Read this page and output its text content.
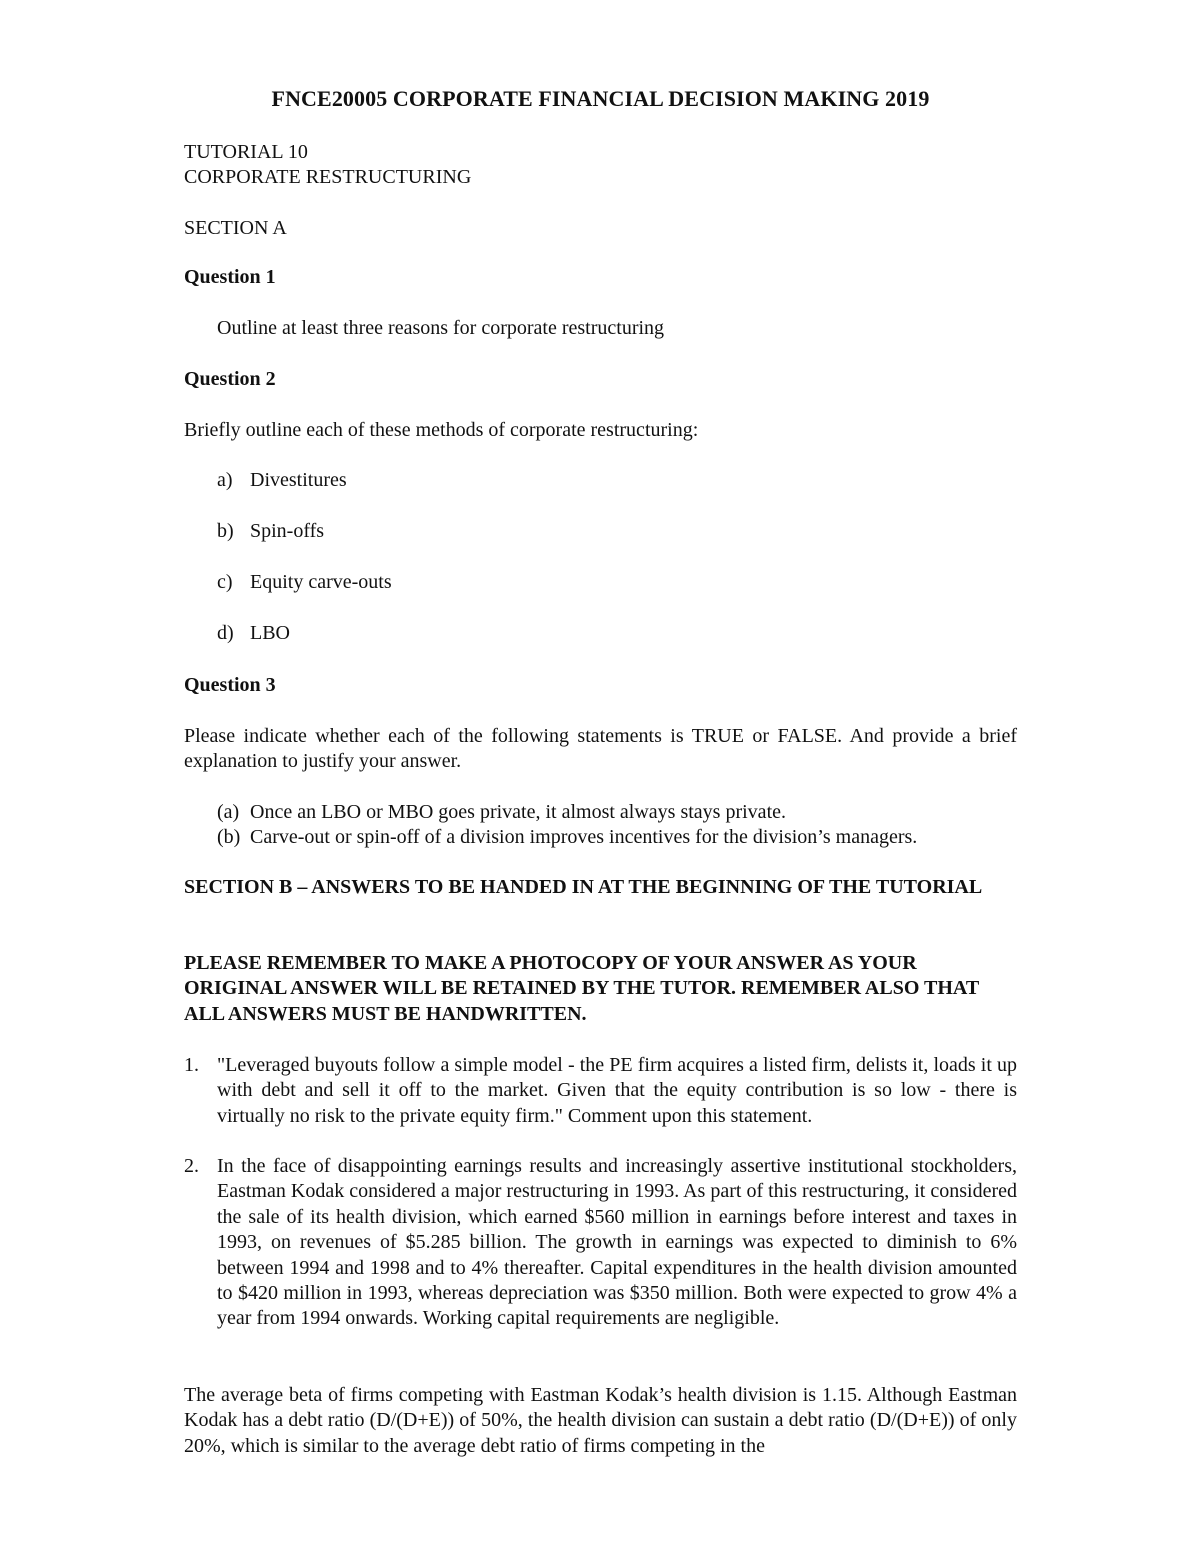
FNCE20005 CORPORATE FINANCIAL DECISION MAKING 2019
TUTORIAL 10
CORPORATE RESTRUCTURING
SECTION A
Question 1
Outline at least three reasons for corporate restructuring
Question 2
Briefly outline each of these methods of corporate restructuring:
a) Divestitures
b) Spin-offs
c) Equity carve-outs
d) LBO
Question 3
Please indicate whether each of the following statements is TRUE or FALSE. And provide a brief explanation to justify your answer.
(a) Once an LBO or MBO goes private, it almost always stays private.
(b) Carve-out or spin-off of a division improves incentives for the division’s managers.
SECTION B – ANSWERS TO BE HANDED IN AT THE BEGINNING OF THE TUTORIAL
PLEASE REMEMBER TO MAKE A PHOTOCOPY OF YOUR ANSWER AS YOUR ORIGINAL ANSWER WILL BE RETAINED BY THE TUTOR. REMEMBER ALSO THAT ALL ANSWERS MUST BE HANDWRITTEN.
1. "Leveraged buyouts follow a simple model - the PE firm acquires a listed firm, delists it, loads it up with debt and sell it off to the market. Given that the equity contribution is so low - there is virtually no risk to the private equity firm." Comment upon this statement.
2. In the face of disappointing earnings results and increasingly assertive institutional stockholders, Eastman Kodak considered a major restructuring in 1993. As part of this restructuring, it considered the sale of its health division, which earned $560 million in earnings before interest and taxes in 1993, on revenues of $5.285 billion. The growth in earnings was expected to diminish to 6% between 1994 and 1998 and to 4% thereafter. Capital expenditures in the health division amounted to $420 million in 1993, whereas depreciation was $350 million. Both were expected to grow 4% a year from 1994 onwards. Working capital requirements are negligible.
The average beta of firms competing with Eastman Kodak’s health division is 1.15. Although Eastman Kodak has a debt ratio (D/(D+E)) of 50%, the health division can sustain a debt ratio (D/(D+E)) of only 20%, which is similar to the average debt ratio of firms competing in the
